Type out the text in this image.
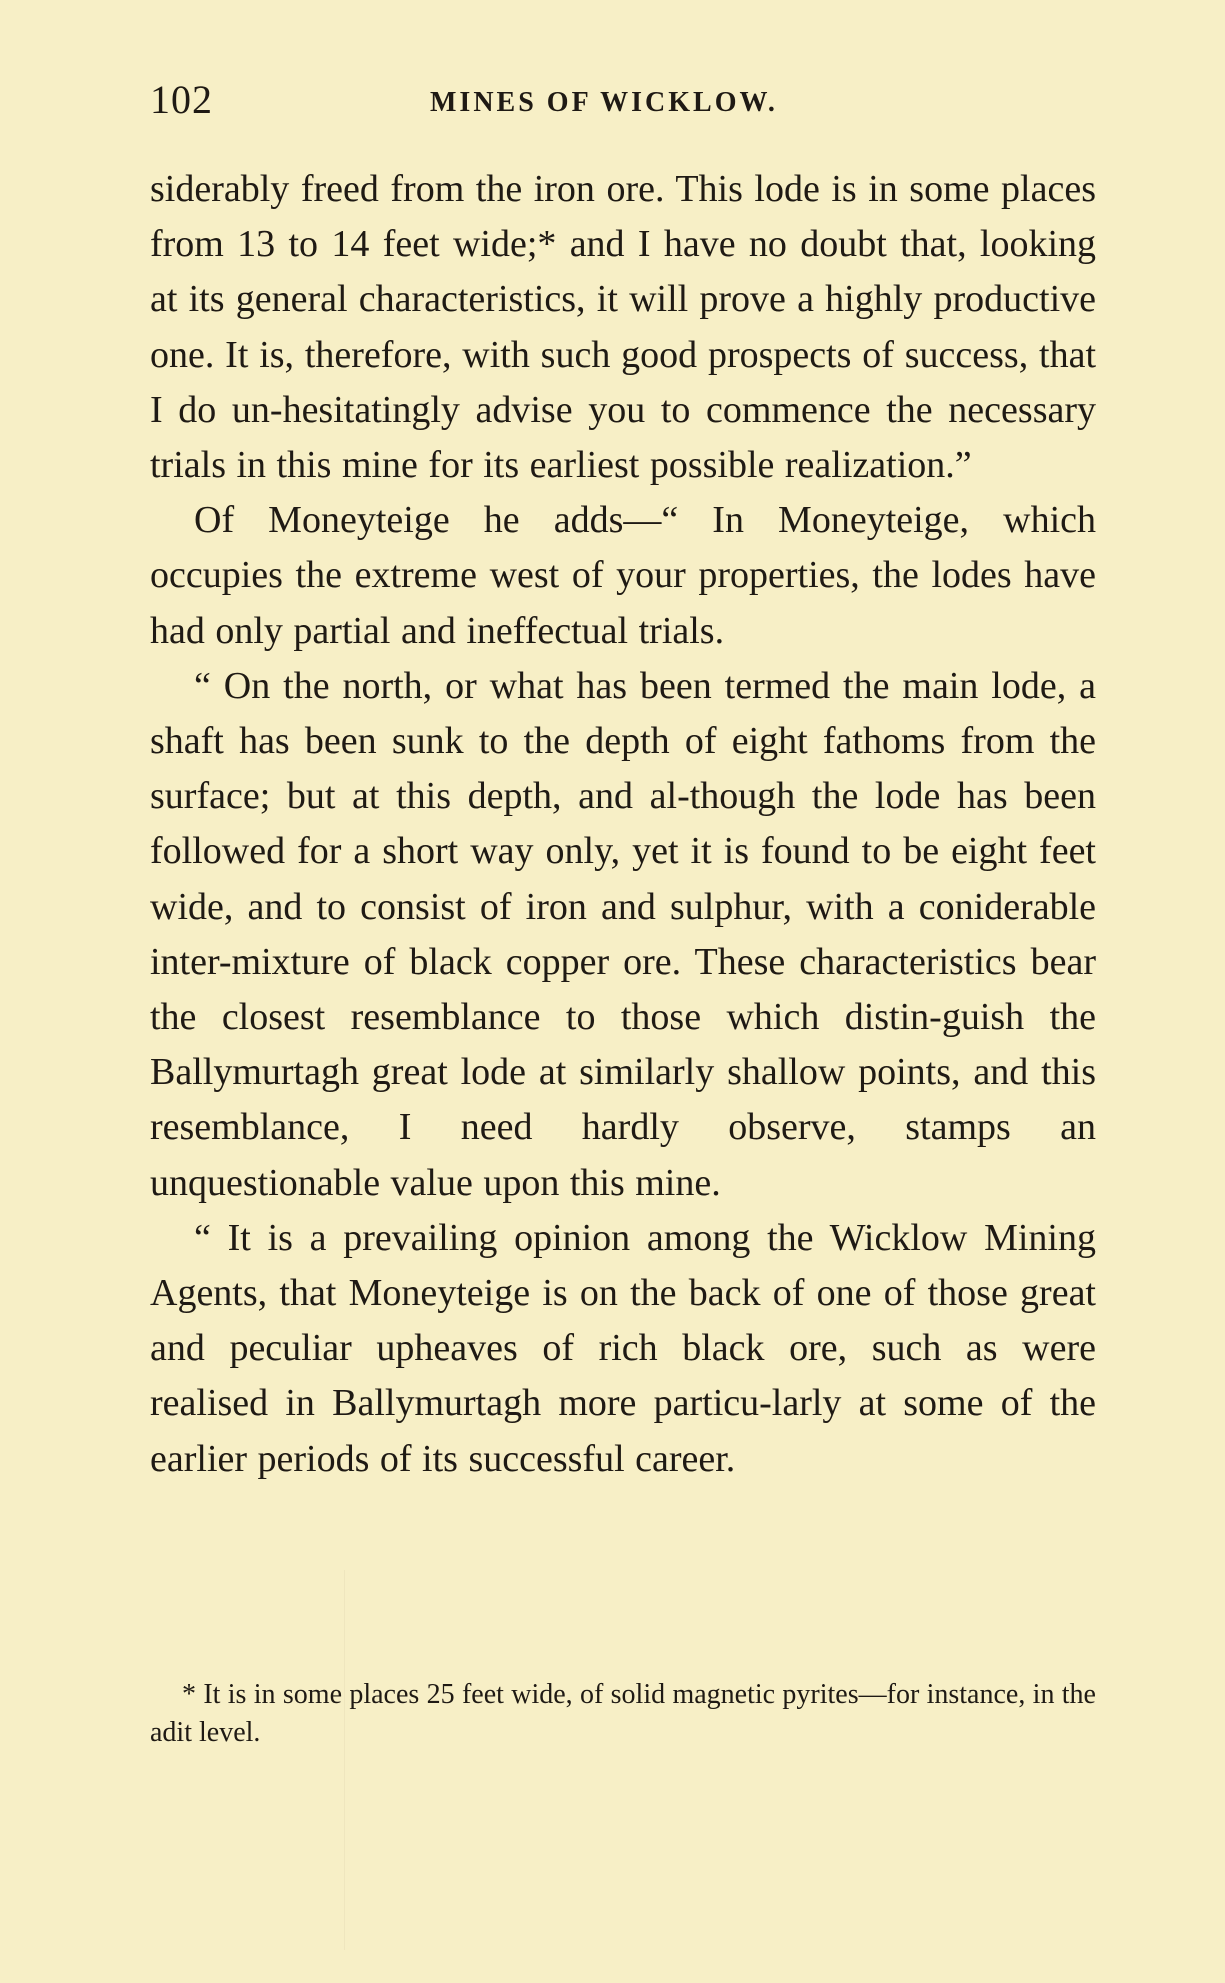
102	MINES OF WICKLOW.

siderably freed from the iron ore. This lode is in some places from 13 to 14 feet wide;* and I have no doubt that, looking at its general characteristics, it will prove a highly productive one. It is, therefore, with such good prospects of success, that I do un-hesitatingly advise you to commence the necessary trials in this mine for its earliest possible realization.”

Of Moneyteige he adds—“ In Moneyteige, which occupies the extreme west of your properties, the lodes have had only partial and ineffectual trials.

“ On the north, or what has been termed the main lode, a shaft has been sunk to the depth of eight fathoms from the surface; but at this depth, and al-though the lode has been followed for a short way only, yet it is found to be eight feet wide, and to consist of iron and sulphur, with a coniderable inter-mixture of black copper ore. These characteristics bear the closest resemblance to those which distin-guish the Ballymurtagh great lode at similarly shallow points, and this resemblance, I need hardly observe, stamps an unquestionable value upon this mine.

“ It is a prevailing opinion among the Wicklow Mining Agents, that Moneyteige is on the back of one of those great and peculiar upheaves of rich black ore, such as were realised in Ballymurtagh more particu-larly at some of the earlier periods of its successful career.

* It is in some places 25 feet wide, of solid magnetic pyrites—for instance, in the adit level.
